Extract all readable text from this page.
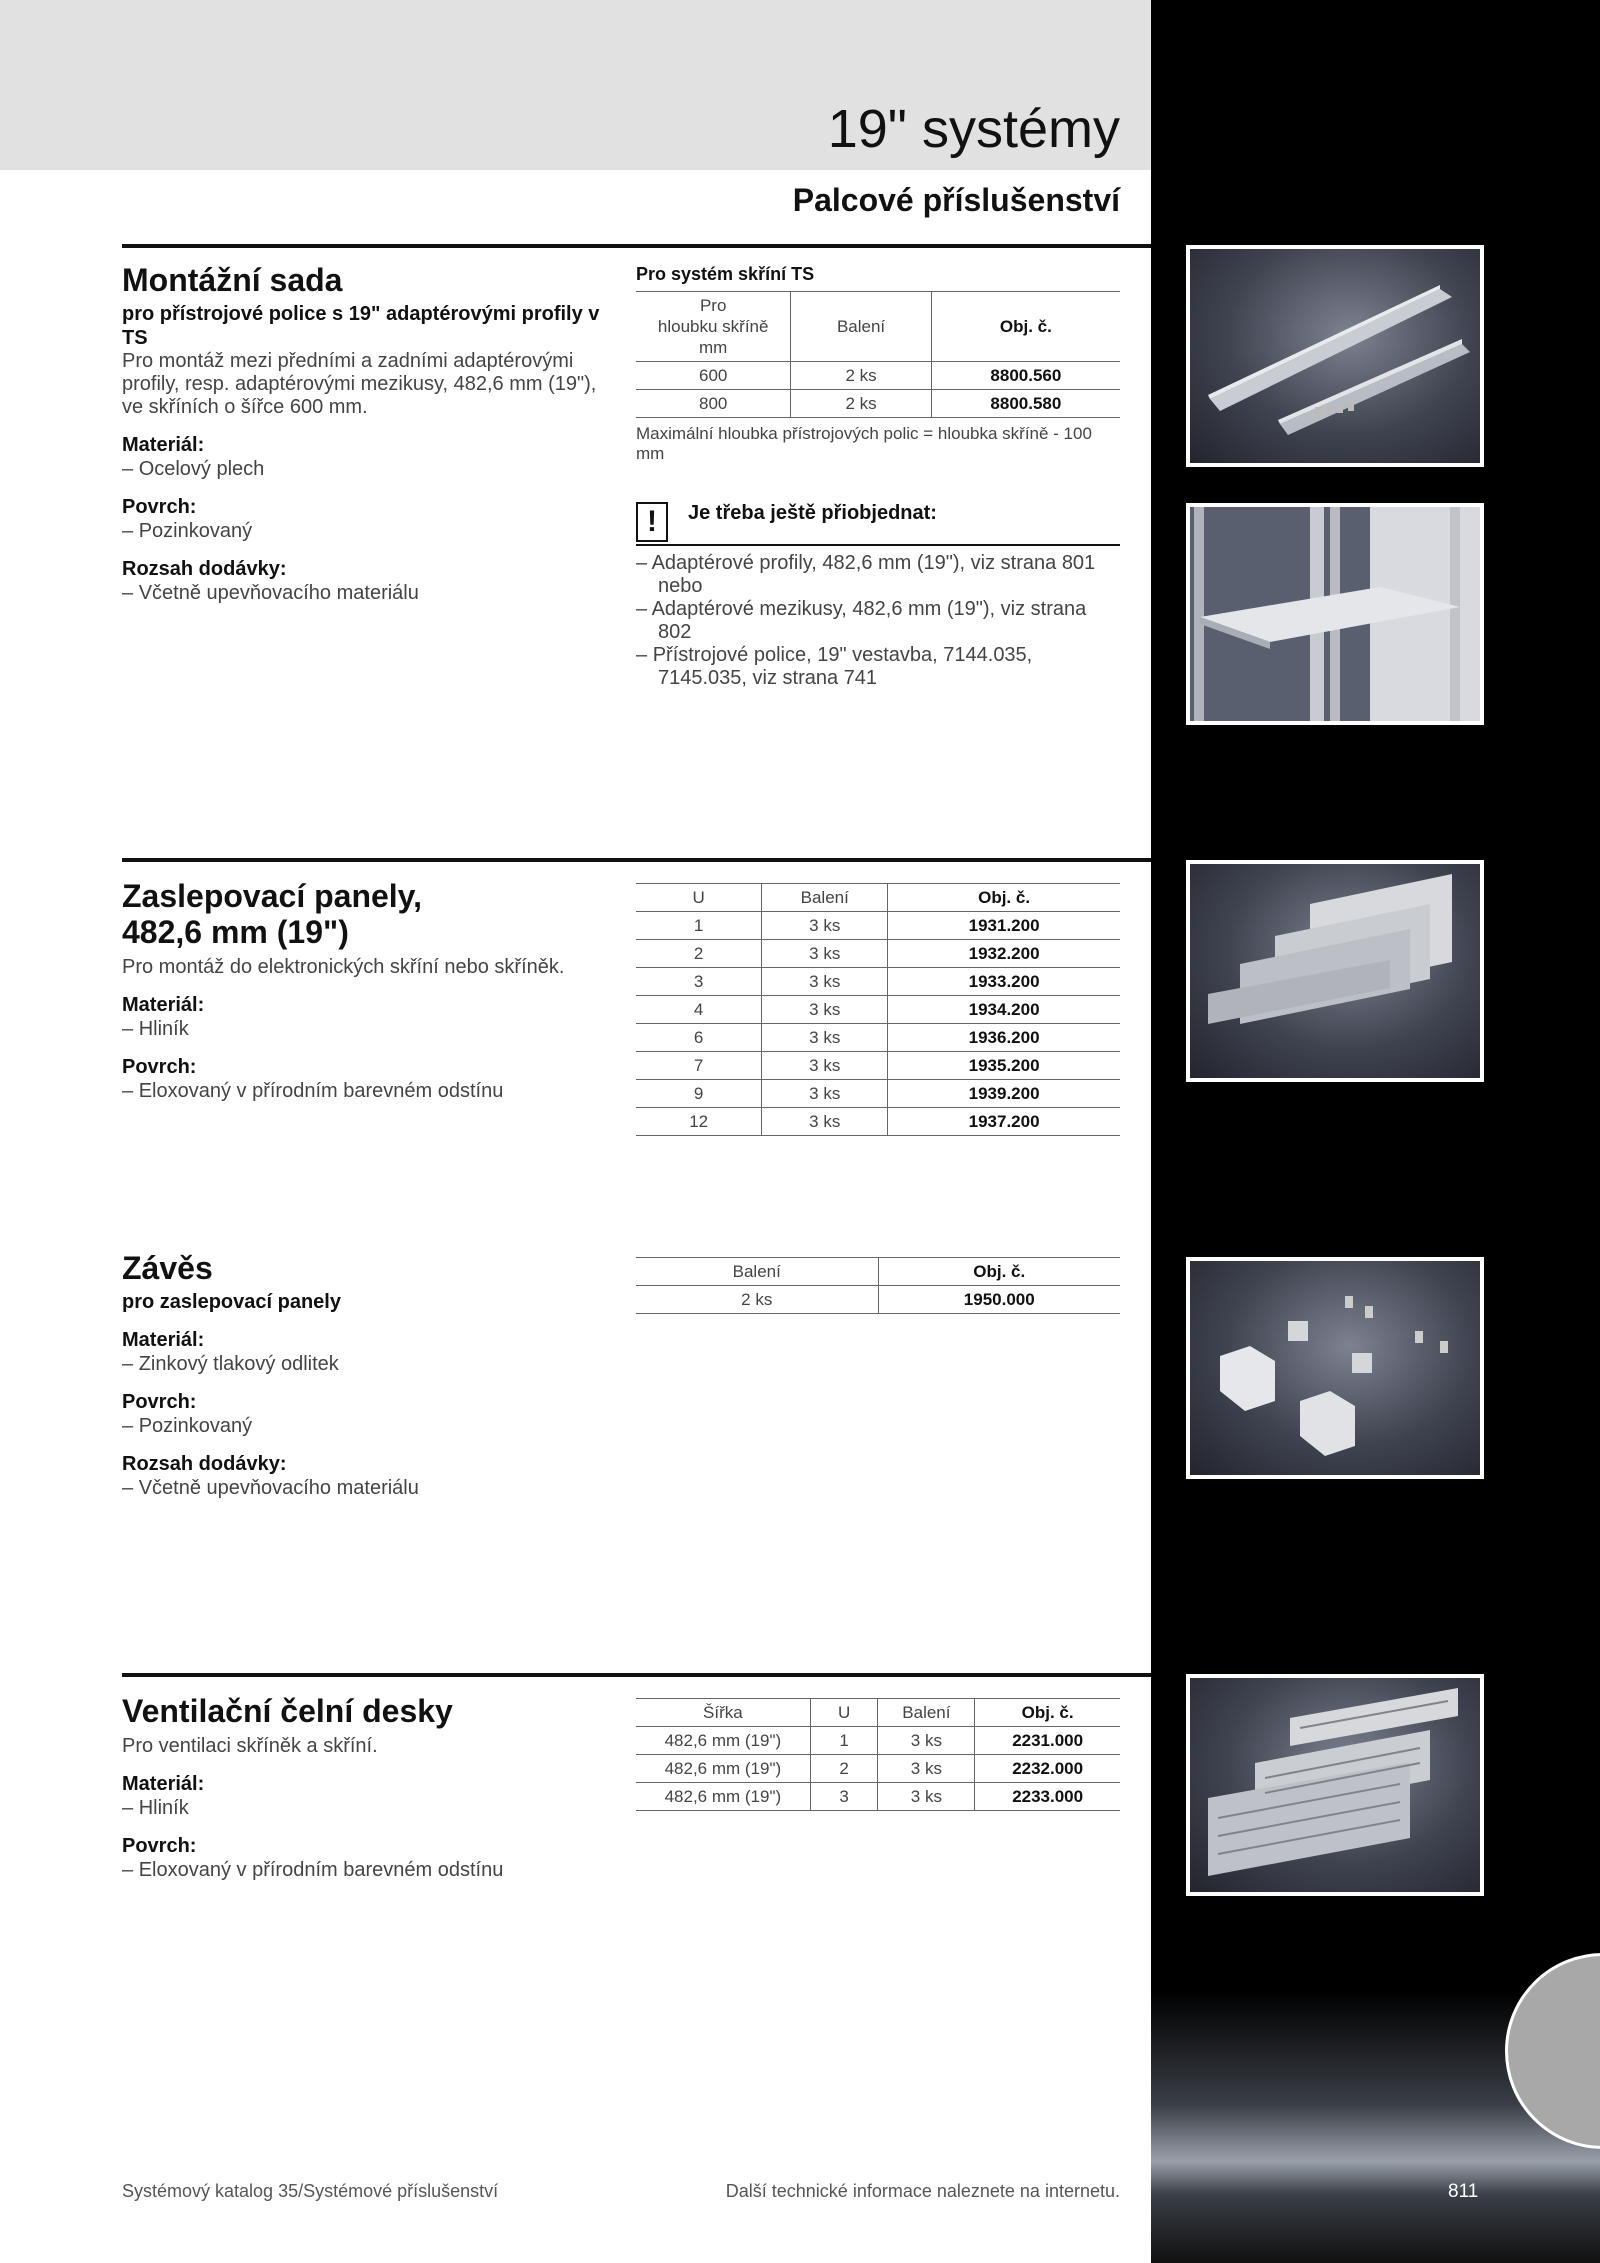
19" systémy
Palcové příslušenství

Montážní sada

pro přístrojové police s 19" adaptérovými profily v TS

Pro montáž mezi předními a zadními adaptérovými profily, resp. adaptérovými mezikusy, 482,6 mm (19"), ve skříních o šířce 600 mm.

Materiál:

– Ocelový plech

Povrch:

– Pozinkovaný

Rozsah dodávky:

– Včetně upevňovacího materiálu

Pro systém skříní TS

Pro
hloubku skříně
mm	Balení	Obj. č.
600	2 ks	8800.560
800	2 ks	8800.580

Maximální hloubka přístrojových polic = hloubka skříně - 100 mm

!	Je třeba ještě přiobjednat:

– Adaptérové profily, 482,6 mm (19"), viz strana 801 nebo

– Adaptérové mezikusy, 482,6 mm (19"), viz strana 802

– Přístrojové police, 19" vestavba, 7144.035, 7145.035, viz strana 741

Zaslepovací panely,
482,6 mm (19")

Pro montáž do elektronických skříní nebo skříněk.

Materiál:

– Hliník

Povrch:

– Eloxovaný v přírodním barevném odstínu

U	Balení	Obj. č.
1	3 ks	1931.200
2	3 ks	1932.200
3	3 ks	1933.200
4	3 ks	1934.200
6	3 ks	1936.200
7	3 ks	1935.200
9	3 ks	1939.200
12	3 ks	1937.200

Závěs

pro zaslepovací panely

Materiál:

– Zinkový tlakový odlitek

Povrch:

– Pozinkovaný

Rozsah dodávky:

– Včetně upevňovacího materiálu

Balení	Obj. č.
2 ks	1950.000

Ventilační čelní desky

Pro ventilaci skříněk a skříní.

Materiál:

– Hliník

Povrch:

– Eloxovaný v přírodním barevném odstínu

Šířka	U	Balení	Obj. č.
482,6 mm (19")	1	3 ks	2231.000
482,6 mm (19")	2	3 ks	2232.000
482,6 mm (19")	3	3 ks	2233.000
Systémový katalog 35/Systémové příslušenství	Další technické informace naleznete na internetu.	811
